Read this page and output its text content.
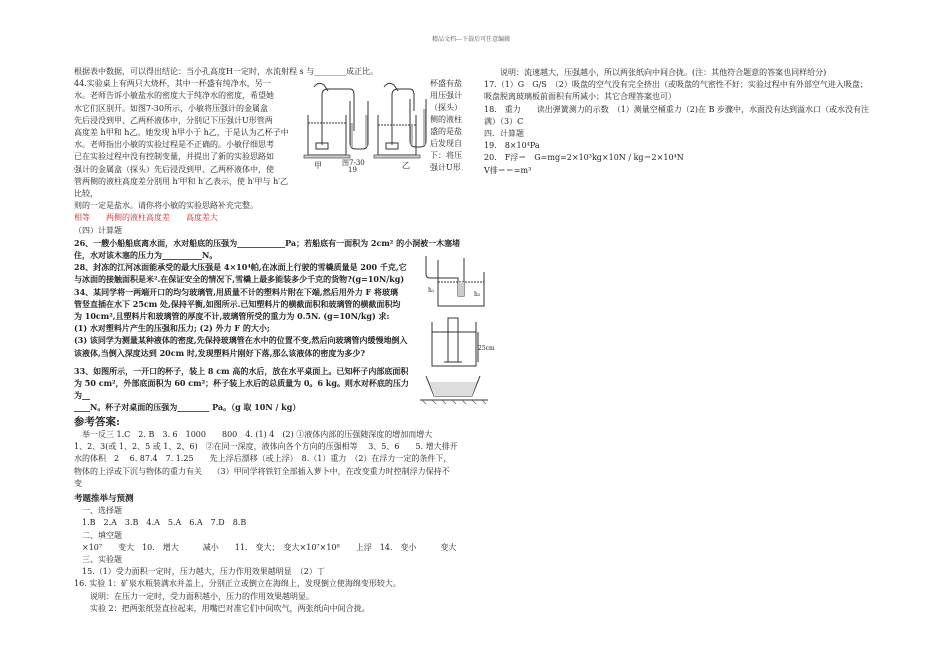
精品文档---下载后可任意编辑
甲	图7-30
19	乙
h₁
h₂
25cm
根据表中数据，可以得出结论：当小孔高度H一定时，水流射程 s 与________成正比。
44.实验桌上有两只大烧杯，其中一杯盛有纯净水，另一
水。老师告诉小敏盐水的密度大于纯净水的密度，希望她
水它们区别开。如图7-30所示，小敏将压强计的金属盒
先后浸没到甲、乙两杯液体中，分别记下压强计U形管两
高度差 h甲和 h乙。她发现 h甲小于 h乙，于是认为乙杯子中
水。老师指出小敏的实验过程是不正确的。小敏仔细思考
已在实验过程中没有控制变量，并提出了新的实验思路如
强计的金属盒（探头）先后浸没到甲、乙两杯液体中，使
管两侧的液柱高度差分别用 h′甲和 h′乙表示，使 h′甲与 h′乙
比较，
杯盛有盐
用压强计
（探头）
侧的液柱
盛的是盐
后发现自
下：将压
强计U形
则的一定是盐水。请你将小敏的实验思路补充完整。
相等　　两侧的液柱高度差　　高度差大
（四）计算题
26、一艘小船船底离水面，水对船底的压强为____________Pa；若船底有一面积为 2cm² 的小洞被一木塞堵
住，水对该木塞的压力为__________N。
28、封冻的江河冰面能承受的最大压强是 4×10⁴帕,在冰面上行驶的雪橇质量是 200 千克,它
与冰面的接触面积是米².在保证安全的情况下,雪橇上最多能装多少千克的货物?(g=10N/kg)
34、某同学将一两端开口的均匀玻璃管,用质量不计的塑料片附在下端,然后用外力 F 将玻璃
管竖直插在水下 25cm 处,保持平衡,如图所示.已知塑料片的横截面积和玻璃管的横截面积均
为 10cm²,且塑料片和玻璃管的厚度不计,玻璃管所受的重力为 0.5N. (g=10N/kg) 求:
(1) 水对塑料片产生的压强和压力; (2) 外力 F 的大小;
(3) 该同学为测量某种液体的密度,先保持玻璃管在水中的位置不变,然后向玻璃管内缓慢地倒入
该液体,当倒入深度达到 20cm 时,发现塑料片刚好下落,那么该液体的密度为多少?
33、如图所示，一开口的杯子，装上 8 cm 高的水后，放在水平桌面上。已知杯子内部底面积
为 50 cm²，外部底面积为 60 cm²；杯子装上水后的总质量为 0。6 kg。则水对杯底的压力为__
____N。杯子对桌面的压强为________ Pa。（g 取 10N / kg）
参考答案:
举一反三 1.C　2. B　3. 6　1000　　800　4. (1) 4　(2) ①液体内部的压强随深度的增加而增大
1、2、3(或 1、2、5 或 1、2、6)　②在同一深度，液体向各个方向的压强相等　 3、5、6　　5. 增大排开
水的体积　2　 6. 87.4　7. 1.25　　先上浮后漂移（或上浮）　8.（1）重力　（2）在浮力一定的条件下，
物体的上浮或下沉与物体的重力有关　 （3）甲同学将铁钉全部插入萝卜中，在改变重力时控制浮力保持不
变
考题推举与预测
一、选择题
1.B　2.A　3.B　4.A　5.A　6.A　7.D　8.B
二、填空题
×10⁷　　变大　10.　增大　　　减小　　11.　变大；　变大×10⁷×10⁸　　上浮　14.　变小　　　变大
三、实验题
15.（1）受力面积一定时，压力越大，压力作用效果越明显　（2）丁
16. 实验 1：矿泉水瓶装满水并盖上，分别正立或倒立在海绵上，发现倒立使海绵变形较大。
说明：在压力一定时，受力面积越小，压力的作用效果越明显。
实验 2：把两张纸竖直拉起来，用嘴巴对准它们中间吹气，两张纸向中间合拢。
说明：流速越大，压强越小，所以两张纸向中间合拢。(注：其他符合题意的答案也同样给分)
17.（1）G　G/S　（2）吸盘的空气没有完全挤出（或吸盘的气密性不好；实验过程中有外部空气进入吸盘；
吸盘脱离玻璃板前面积有所减小；其它合理答案也可）
18.　重力　　读出弹簧测力的示数　（1）测量空桶重力（2)在 B 步骤中，水面没有达到溢水口（或水没有注
满）（3）C
四．计算题
19.　8×10⁴Pa
20.　F浮＝　G=mg=2×10³kg×10N / kg＝2×10⁴N
V排＝＝=m³
